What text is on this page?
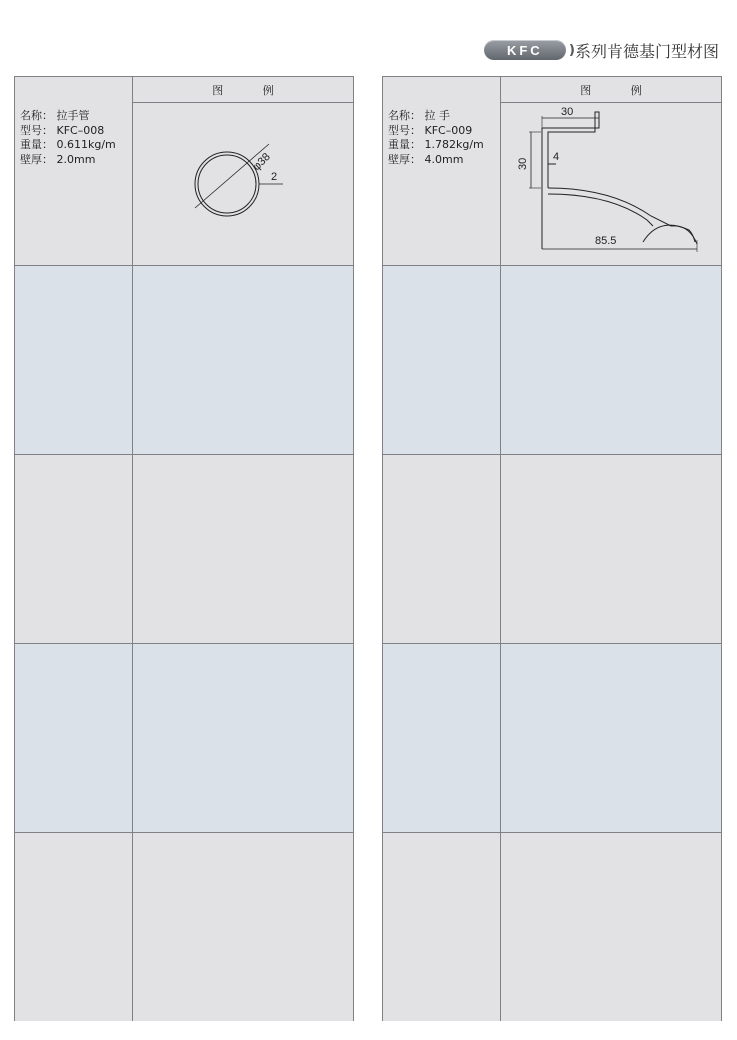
KFC	)) 系列肯德基门型材图
名称： 拉手管
型号： KFC–008
重量： 0.611kg/m
壁厚： 2.0mm
图 例
φ38
2
名称： 拉 手
型号： KFC–009
重量： 1.782kg/m
壁厚： 4.0mm
图 例
30
30
4
85.5
